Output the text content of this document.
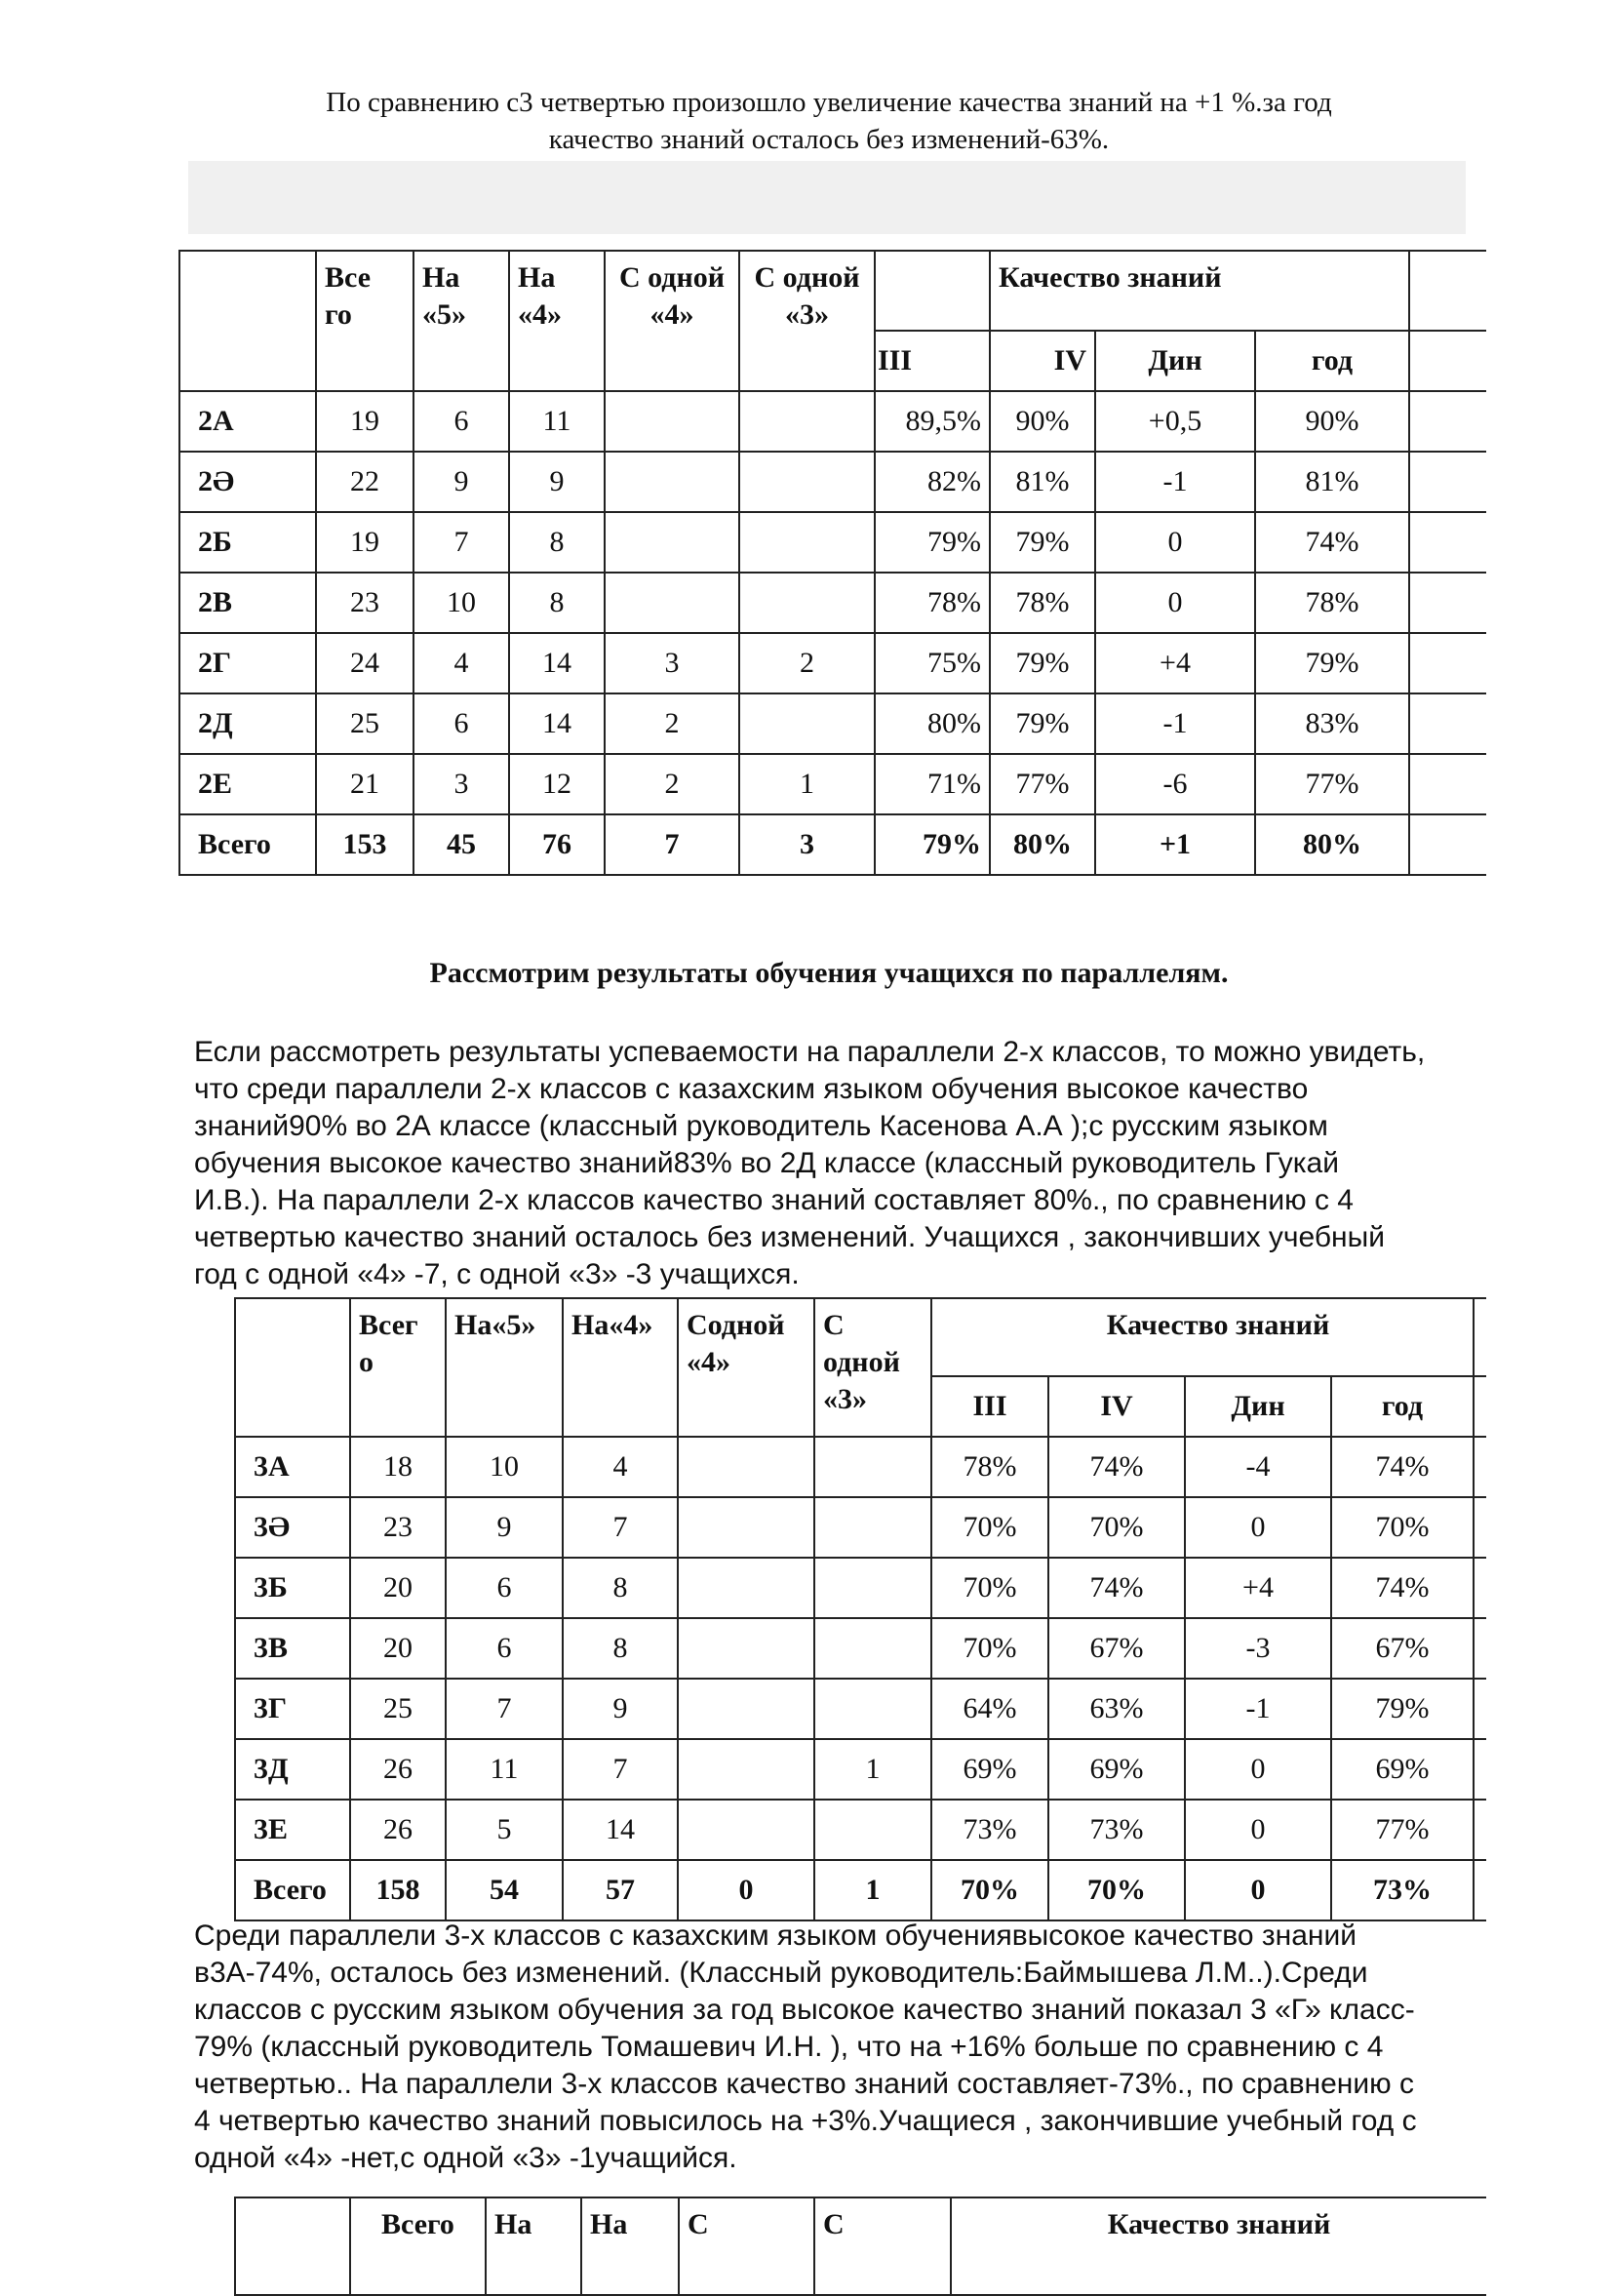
По сравнению с3 четвертью произошло увеличение качества знаний на +1 %.за год
качество знаний осталось без изменений-63%.
	Все го	На «5»	На «4»	С одной «4»	С одной «3»		Качество знаний			
						III	IV	Дин	год	
2А	19	6	11			89,5%	90%	+0,5	90%	
2Ә	22	9	9			82%	81%	-1	81%	
2Б	19	7	8			79%	79%	0	74%	
2В	23	10	8			78%	78%	0	78%	
2Г	24	4	14	3	2	75%	79%	+4	79%	
2Д	25	6	14	2		80%	79%	-1	83%	
2Е	21	3	12	2	1	71%	77%	-6	77%	
Всего	153	45	76	7	3	79%	80%	+1	80%	
Рассмотрим результаты обучения учащихся по параллелям.
Если рассмотреть результаты успеваемости на параллели 2-х классов, то можно увидеть,
что среди параллели 2-х классов с казахским языком обучения высокое качество
знаний90% во 2А классе (классный руководитель Касенова А.А );с русским языком
обучения высокое качество знаний83% во 2Д классе (классный руководитель Гукай
И.В.). На параллели 2-х классов качество знаний составляет 80%., по сравнению с 4
четвертью качество знаний осталось без изменений. Учащихся , закончивших учебный
год с одной «4» -7, с одной «3» -3 учащихся.
	Всег о	На«5»	На«4»	Содной «4»	С одной «3»	Качество знаний				
						III	IV	Дин	год	
3А	18	10	4			78%	74%	-4	74%	
3Ә	23	9	7			70%	70%	0	70%	
3Б	20	6	8			70%	74%	+4	74%	
3В	20	6	8			70%	67%	-3	67%	
3Г	25	7	9			64%	63%	-1	79%	
3Д	26	11	7		1	69%	69%	0	69%	
3Е	26	5	14			73%	73%	0	77%	
Всего	158	54	57	0	1	70%	70%	0	73%	
Среди параллели 3-х классов с казахским языком обучениявысокое качество знаний
в3А-74%, осталось без изменений. (Классный руководитель:Баймышева Л.М..).Среди
классов с русским языком обучения за год высокое качество знаний показал 3 «Г» класс-
79% (классный руководитель Томашевич И.Н. ), что на +16% больше по сравнению с 4
четвертью.. На параллели 3-х классов качество знаний составляет-73%., по сравнению с
4 четвертью качество знаний повысилось на +3%.Учащиеся , закончившие учебный год с
одной «4» -нет,с одной «3» -1учащийся.
	Всего	На	На	С	С	Качество знаний
